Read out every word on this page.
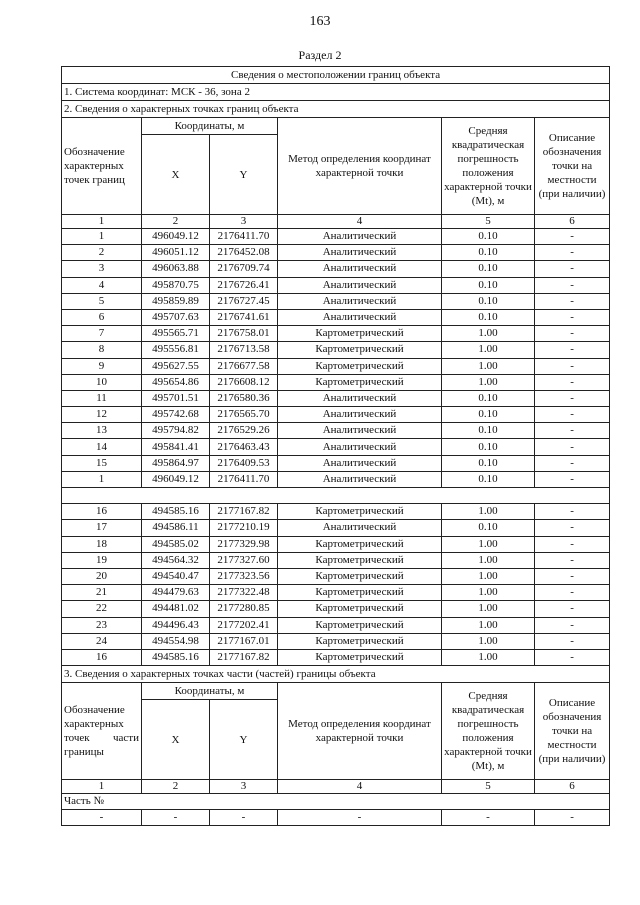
163
Раздел 2
Сведения о местоположении границ объекта					
1. Система координат: МСК - 36, зона 2					
2. Сведения о характерных точках границ объекта					
Обозначение характерных точек границ	Координаты, м		Метод определения координат характерной точки	Средняя квадратическая погрешность положения характерной точки (Mt), м	Описание обозначения точки на местности (при наличии)
	X	Y			
1	2	3	4	5	6
1	496049.12	2176411.70	Аналитический	0.10	-
2	496051.12	2176452.08	Аналитический	0.10	-
3	496063.88	2176709.74	Аналитический	0.10	-
4	495870.75	2176726.41	Аналитический	0.10	-
5	495859.89	2176727.45	Аналитический	0.10	-
6	495707.63	2176741.61	Аналитический	0.10	-
7	495565.71	2176758.01	Картометрический	1.00	-
8	495556.81	2176713.58	Картометрический	1.00	-
9	495627.55	2176677.58	Картометрический	1.00	-
10	495654.86	2176608.12	Картометрический	1.00	-
11	495701.51	2176580.36	Аналитический	0.10	-
12	495742.68	2176565.70	Аналитический	0.10	-
13	495794.82	2176529.26	Аналитический	0.10	-
14	495841.41	2176463.43	Аналитический	0.10	-
15	495864.97	2176409.53	Аналитический	0.10	-
1	496049.12	2176411.70	Аналитический	0.10	-

16	494585.16	2177167.82	Картометрический	1.00	-
17	494586.11	2177210.19	Аналитический	0.10	-
18	494585.02	2177329.98	Картометрический	1.00	-
19	494564.32	2177327.60	Картометрический	1.00	-
20	494540.47	2177323.56	Картометрический	1.00	-
21	494479.63	2177322.48	Картометрический	1.00	-
22	494481.02	2177280.85	Картометрический	1.00	-
23	494496.43	2177202.41	Картометрический	1.00	-
24	494554.98	2177167.01	Картометрический	1.00	-
16	494585.16	2177167.82	Картометрический	1.00	-
3. Сведения о характерных точках части (частей) границы объекта					
Обозначение характерных точек части границы	Координаты, м		Метод определения координат характерной точки	Средняя квадратическая погрешность положения характерной точки (Mt), м	Описание обозначения точки на местности (при наличии)
	X	Y			
1	2	3	4	5	6
Часть №					
-	-	-	-	-	-
